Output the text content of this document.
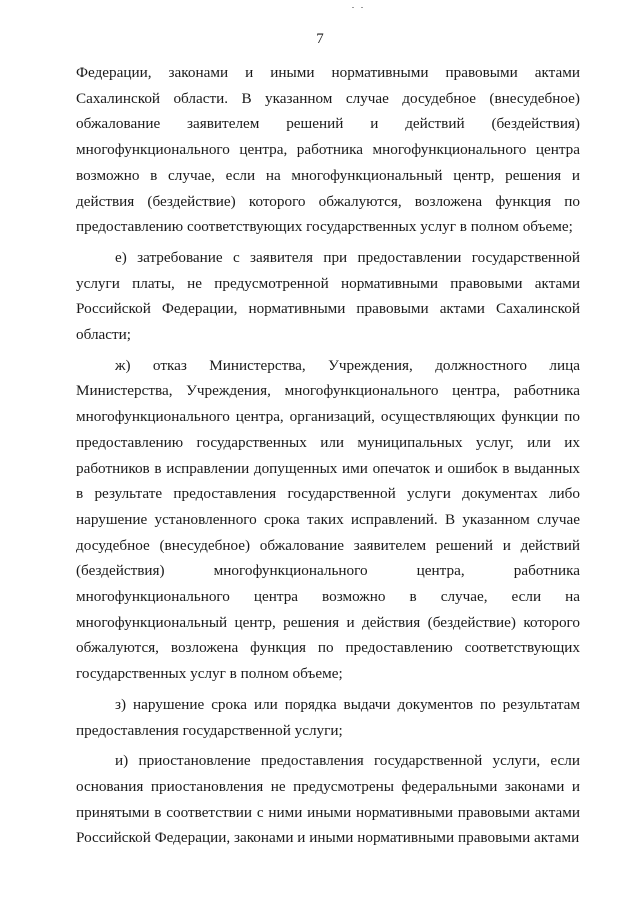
7

Федерации, законами и иными нормативными правовыми актами Сахалинской области. В указанном случае досудебное (внесудебное) обжалование заявителем решений и действий (бездействия) многофункционального центра, работника многофункционального центра возможно в случае, если на многофункциональный центр, решения и действия (бездействие) которого обжалуются, возложена функция по предоставлению соответствующих государственных услуг в полном объеме;

е) затребование с заявителя при предоставлении государственной услуги платы, не предусмотренной нормативными правовыми актами Российской Федерации, нормативными правовыми актами Сахалинской области;

ж) отказ Министерства, Учреждения, должностного лица Министерства, Учреждения, многофункционального центра, работника многофункционального центра, организаций, осуществляющих функции по предоставлению государственных или муниципальных услуг, или их работников в исправлении допущенных ими опечаток и ошибок в выданных в результате предоставления государственной услуги документах либо нарушение установленного срока таких исправлений. В указанном случае досудебное (внесудебное) обжалование заявителем решений и действий (бездействия) многофункционального центра, работника многофункционального центра возможно в случае, если на многофункциональный центр, решения и действия (бездействие) которого обжалуются, возложена функция по предоставлению соответствующих государственных услуг в полном объеме;

з) нарушение срока или порядка выдачи документов по результатам предоставления государственной услуги;

и) приостановление предоставления государственной услуги, если основания приостановления не предусмотрены федеральными законами и принятыми в соответствии с ними иными нормативными правовыми актами Российской Федерации, законами и иными нормативными правовыми актами
